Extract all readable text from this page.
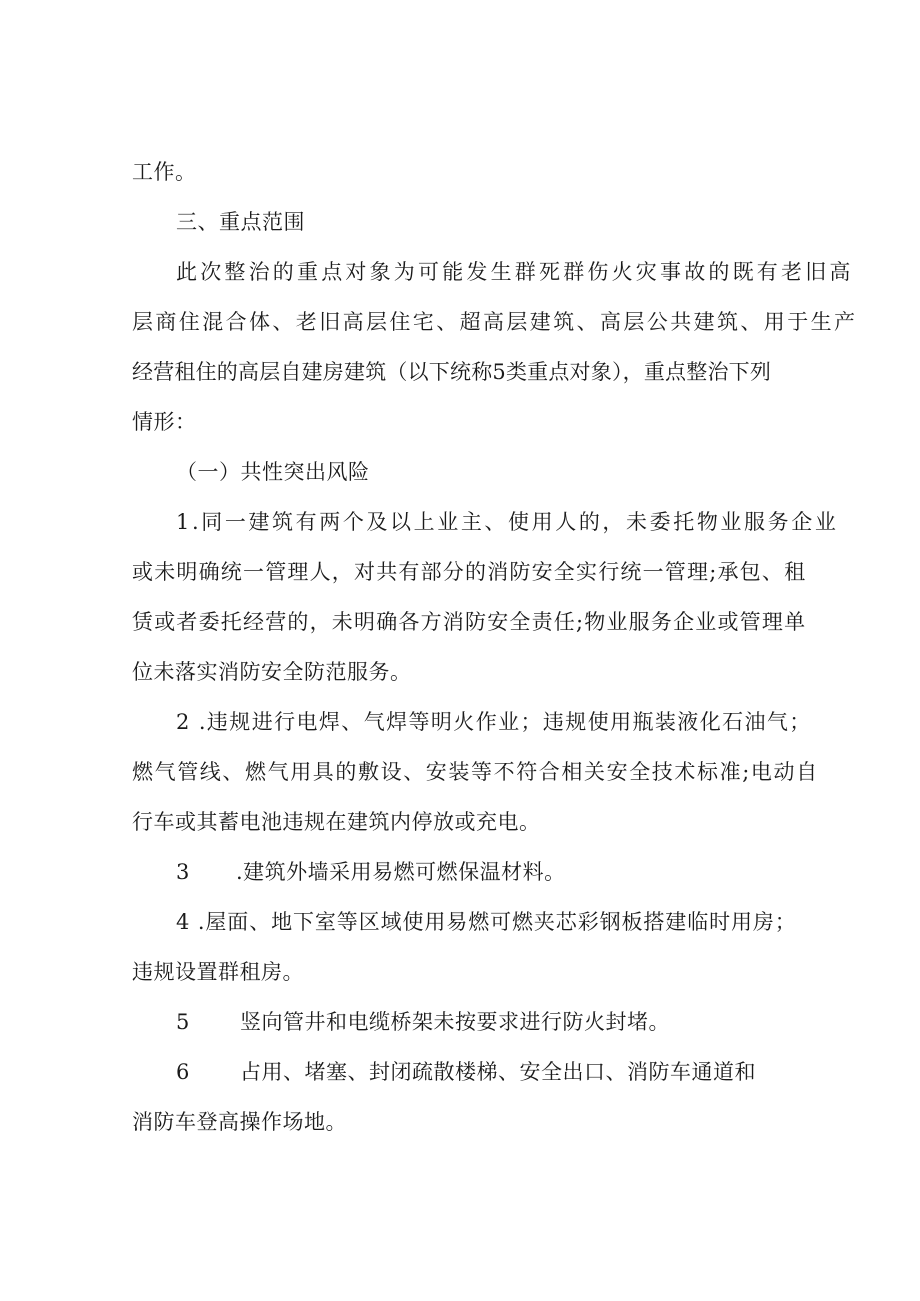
工作。
三、重点范围
此次整治的重点对象为可能发生群死群伤火灾事故的既有老旧高
层商住混合体、老旧高层住宅、超高层建筑、高层公共建筑、用于生产
经营租住的高层自建房建筑（以下统称5类重点对象），重点整治下列
情形：
（一）共性突出风险
1.同一建筑有两个及以上业主、使用人的，未委托物业服务企业
或未明确统一管理人，对共有部分的消防安全实行统一管理;承包、租
赁或者委托经营的，未明确各方消防安全责任;物业服务企业或管理单
位未落实消防安全防范服务。
2 .违规进行电焊、气焊等明火作业；违规使用瓶装液化石油气；
燃气管线、燃气用具的敷设、安装等不符合相关安全技术标准;电动自
行车或其蓄电池违规在建筑内停放或充电。
3 .建筑外墙采用易燃可燃保温材料。
4 .屋面、地下室等区域使用易燃可燃夹芯彩钢板搭建临时用房；
违规设置群租房。
5 竖向管井和电缆桥架未按要求进行防火封堵。
6 占用、堵塞、封闭疏散楼梯、安全出口、消防车通道和
消防车登高操作场地。
